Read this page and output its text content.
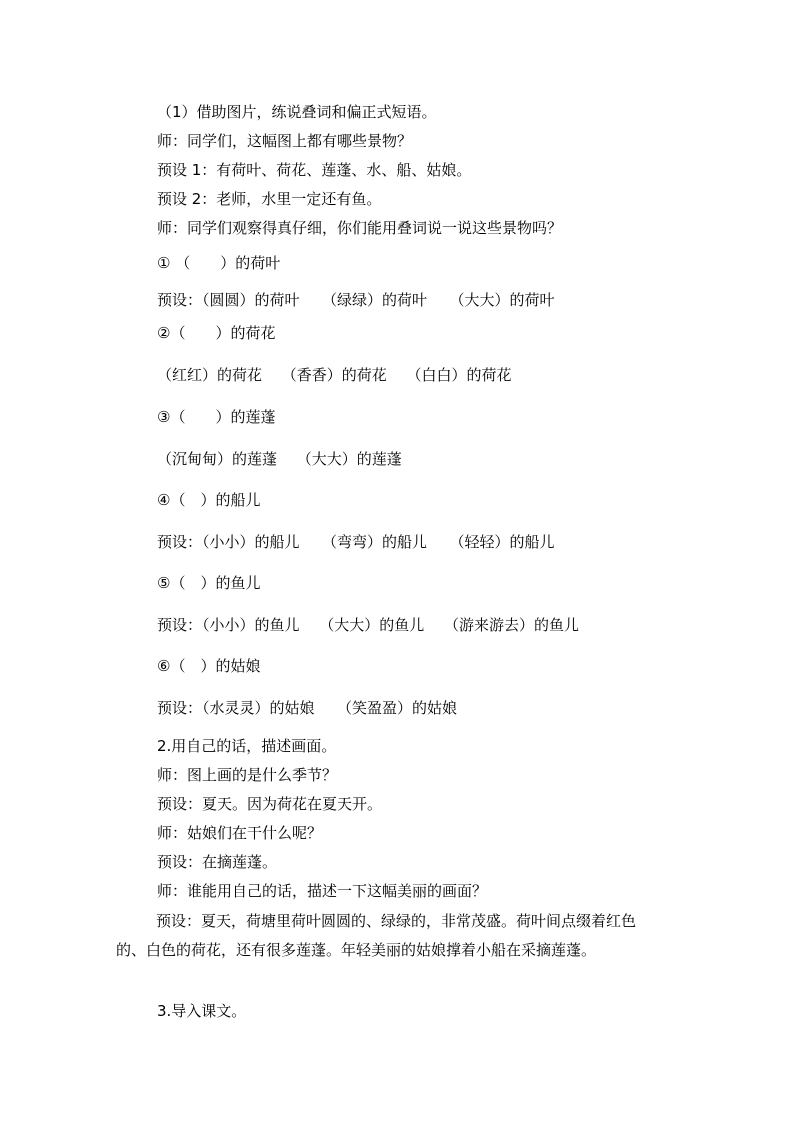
（1）借助图片，练说叠词和偏正式短语。
师：同学们，这幅图上都有哪些景物？
预设 1：有荷叶、荷花、莲蓬、水、船、姑娘。
预设 2：老师，水里一定还有鱼。
师：同学们观察得真仔细，你们能用叠词说一说这些景物吗？
① （　　）的荷叶
预设：（圆圆）的荷叶　　（绿绿）的荷叶　　（大大）的荷叶
②（　　）的荷花
（红红）的荷花　 （香香）的荷花　 （白白）的荷花
③（　　）的莲蓬
（沉甸甸）的莲蓬　 （大大）的莲蓬
④（　）的船儿
预设：（小小）的船儿　　（弯弯）的船儿　　（轻轻）的船儿
⑤（　）的鱼儿
预设：（小小）的鱼儿　 （大大）的鱼儿　 （游来游去）的鱼儿
⑥（　）的姑娘
预设：（水灵灵）的姑娘　　（笑盈盈）的姑娘
2.用自己的话，描述画面。
师：图上画的是什么季节？
预设：夏天。因为荷花在夏天开。
师：姑娘们在干什么呢？
预设：在摘莲蓬。
师：谁能用自己的话，描述一下这幅美丽的画面？
预设：夏天，荷塘里荷叶圆圆的、绿绿的，非常茂盛。荷叶间点缀着红色的、白色的荷花，还有很多莲蓬。年轻美丽的姑娘撑着小船在采摘莲蓬。
3.导入课文。
